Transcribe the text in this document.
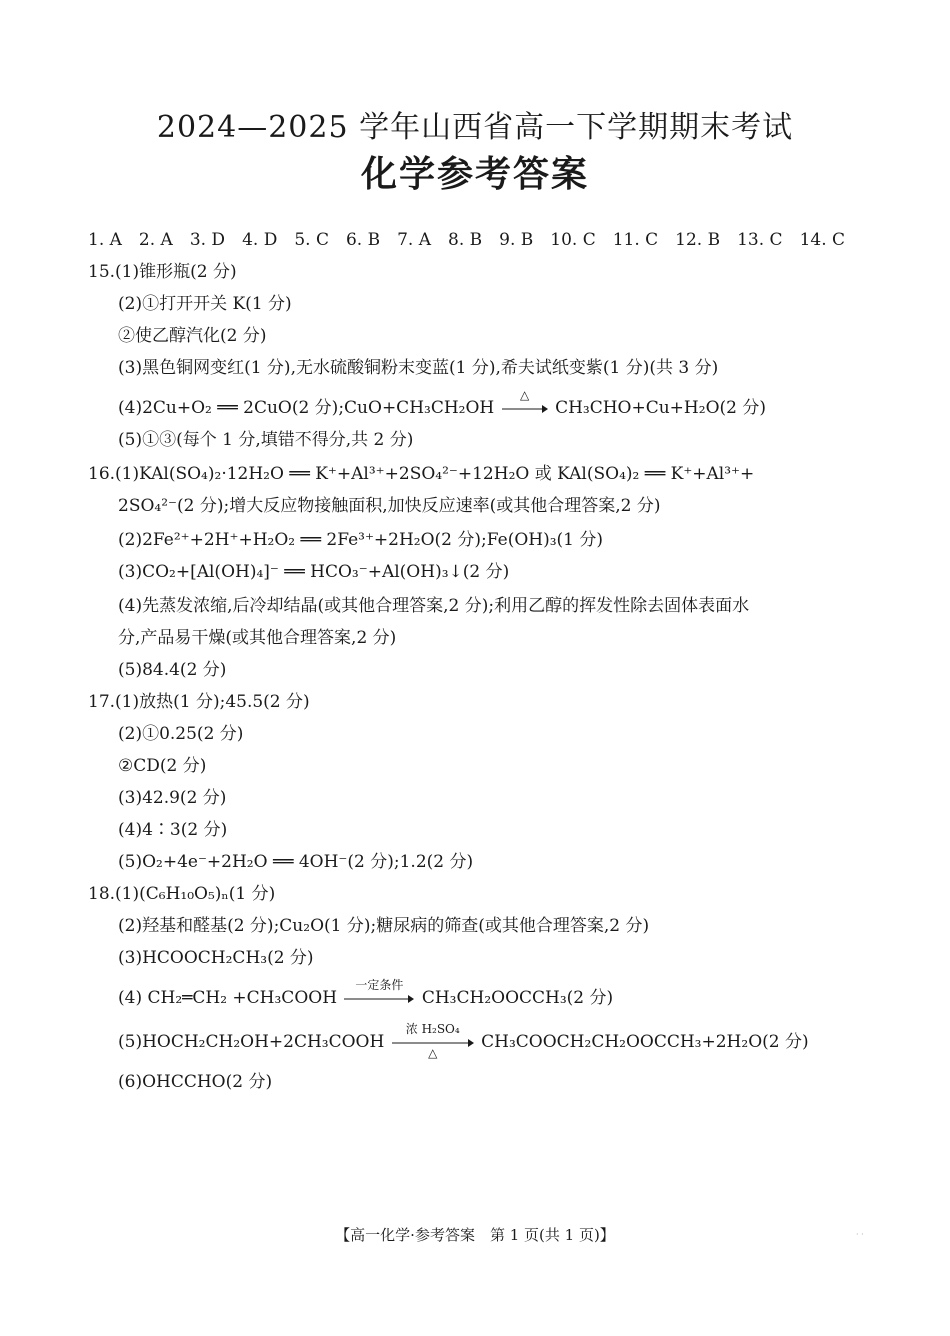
2024—2025 学年山西省高一下学期期末考试
化学参考答案
1. A 2. A 3. D 4. D 5. C 6. B 7. A 8. B 9. B 10. C 11. C 12. B 13. C 14. C
15.(1)锥形瓶(2 分)
(2)①打开开关 K(1 分)
②使乙醇汽化(2 分)
(3)黑色铜网变红(1 分),无水硫酸铜粉末变蓝(1 分),希夫试纸变紫(1 分)(共 3 分)
(4)2Cu+O₂ ══ 2CuO(2 分);CuO+CH₃CH₂OH
△
CH₃CHO+Cu+H₂O(2 分)
(5)①③(每个 1 分,填错不得分,共 2 分)
16.(1)KAl(SO₄)₂·12H₂O ══ K⁺+Al³⁺+2SO₄²⁻+12H₂O 或 KAl(SO₄)₂ ══ K⁺+Al³⁺+
2SO₄²⁻(2 分);增大反应物接触面积,加快反应速率(或其他合理答案,2 分)
(2)2Fe²⁺+2H⁺+H₂O₂ ══ 2Fe³⁺+2H₂O(2 分);Fe(OH)₃(1 分)
(3)CO₂+[Al(OH)₄]⁻ ══ HCO₃⁻+Al(OH)₃↓(2 分)
(4)先蒸发浓缩,后冷却结晶(或其他合理答案,2 分);利用乙醇的挥发性除去固体表面水
分,产品易干燥(或其他合理答案,2 分)
(5)84.4(2 分)
17.(1)放热(1 分);45.5(2 分)
(2)①0.25(2 分)
②CD(2 分)
(3)42.9(2 分)
(4)4∶3(2 分)
(5)O₂+4e⁻+2H₂O ══ 4OH⁻(2 分);1.2(2 分)
18.(1)(C₆H₁₀O₅)ₙ(1 分)
(2)羟基和醛基(2 分);Cu₂O(1 分);糖尿病的筛查(或其他合理答案,2 分)
(3)HCOOCH₂CH₃(2 分)
(4) CH₂═CH₂ +CH₃COOH
一定条件
CH₃CH₂OOCCH₃(2 分)
(5)HOCH₂CH₂OH+2CH₃COOH
浓 H₂SO₄
△
CH₃COOCH₂CH₂OOCCH₃+2H₂O(2 分)
(6)OHCCHO(2 分)
【高一化学·参考答案　第 1 页(共 1 页)】	· ·
